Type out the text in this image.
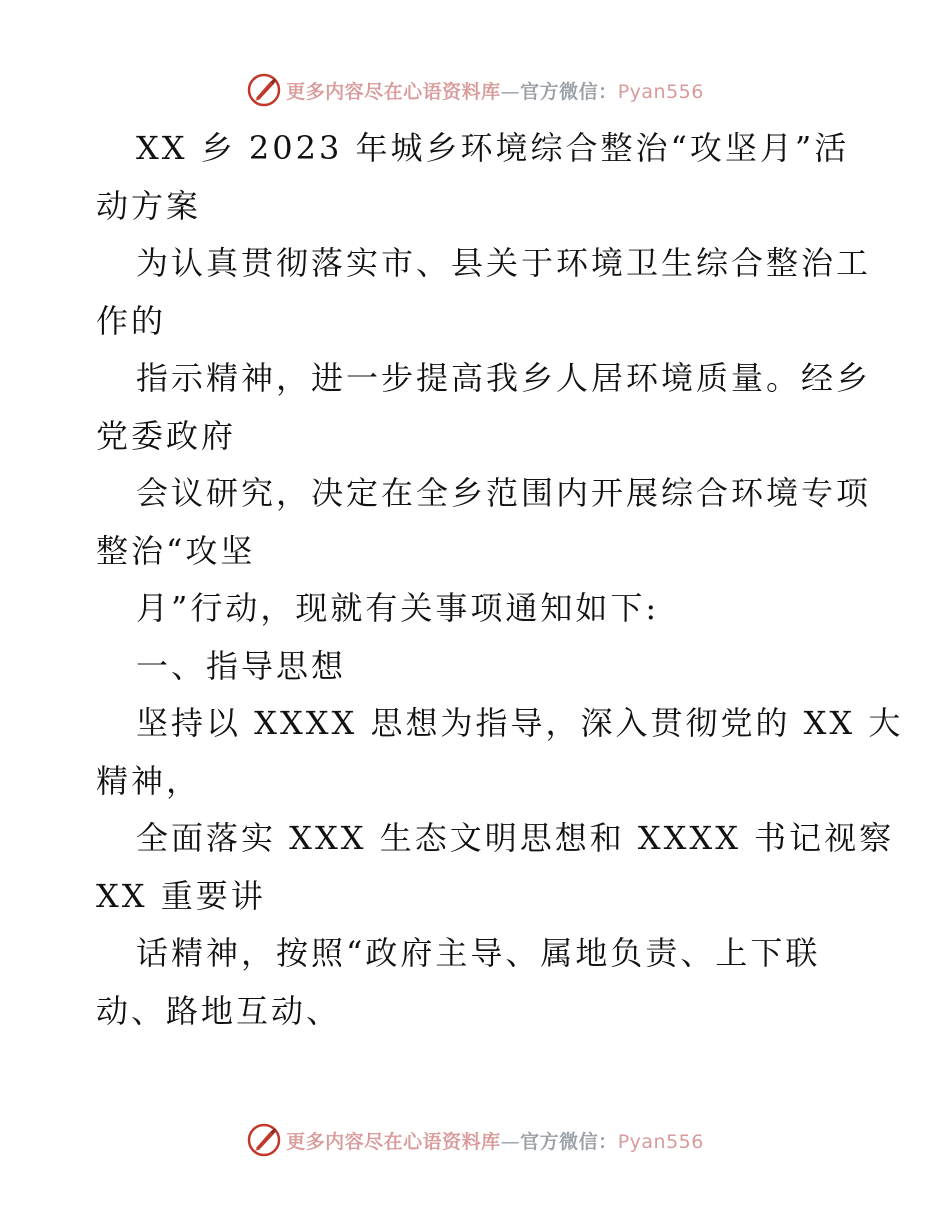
更多内容尽在心语资料库—官方微信：Pyan556

XX 乡 2023 年城乡环境综合整治“攻坚月”活

动方案

为认真贯彻落实市、县关于环境卫生综合整治工

作的

指示精神，进一步提高我乡人居环境质量。经乡

党委政府

会议研究，决定在全乡范围内开展综合环境专项

整治“攻坚

月”行动，现就有关事项通知如下:

一、指导思想

坚持以 XXXX 思想为指导，深入贯彻党的 XX 大

精神，

全面落实 XXX 生态文明思想和 XXXX 书记视察

XX 重要讲

话精神，按照“政府主导、属地负责、上下联

动、路地互动、

更多内容尽在心语资料库—官方微信：Pyan556
